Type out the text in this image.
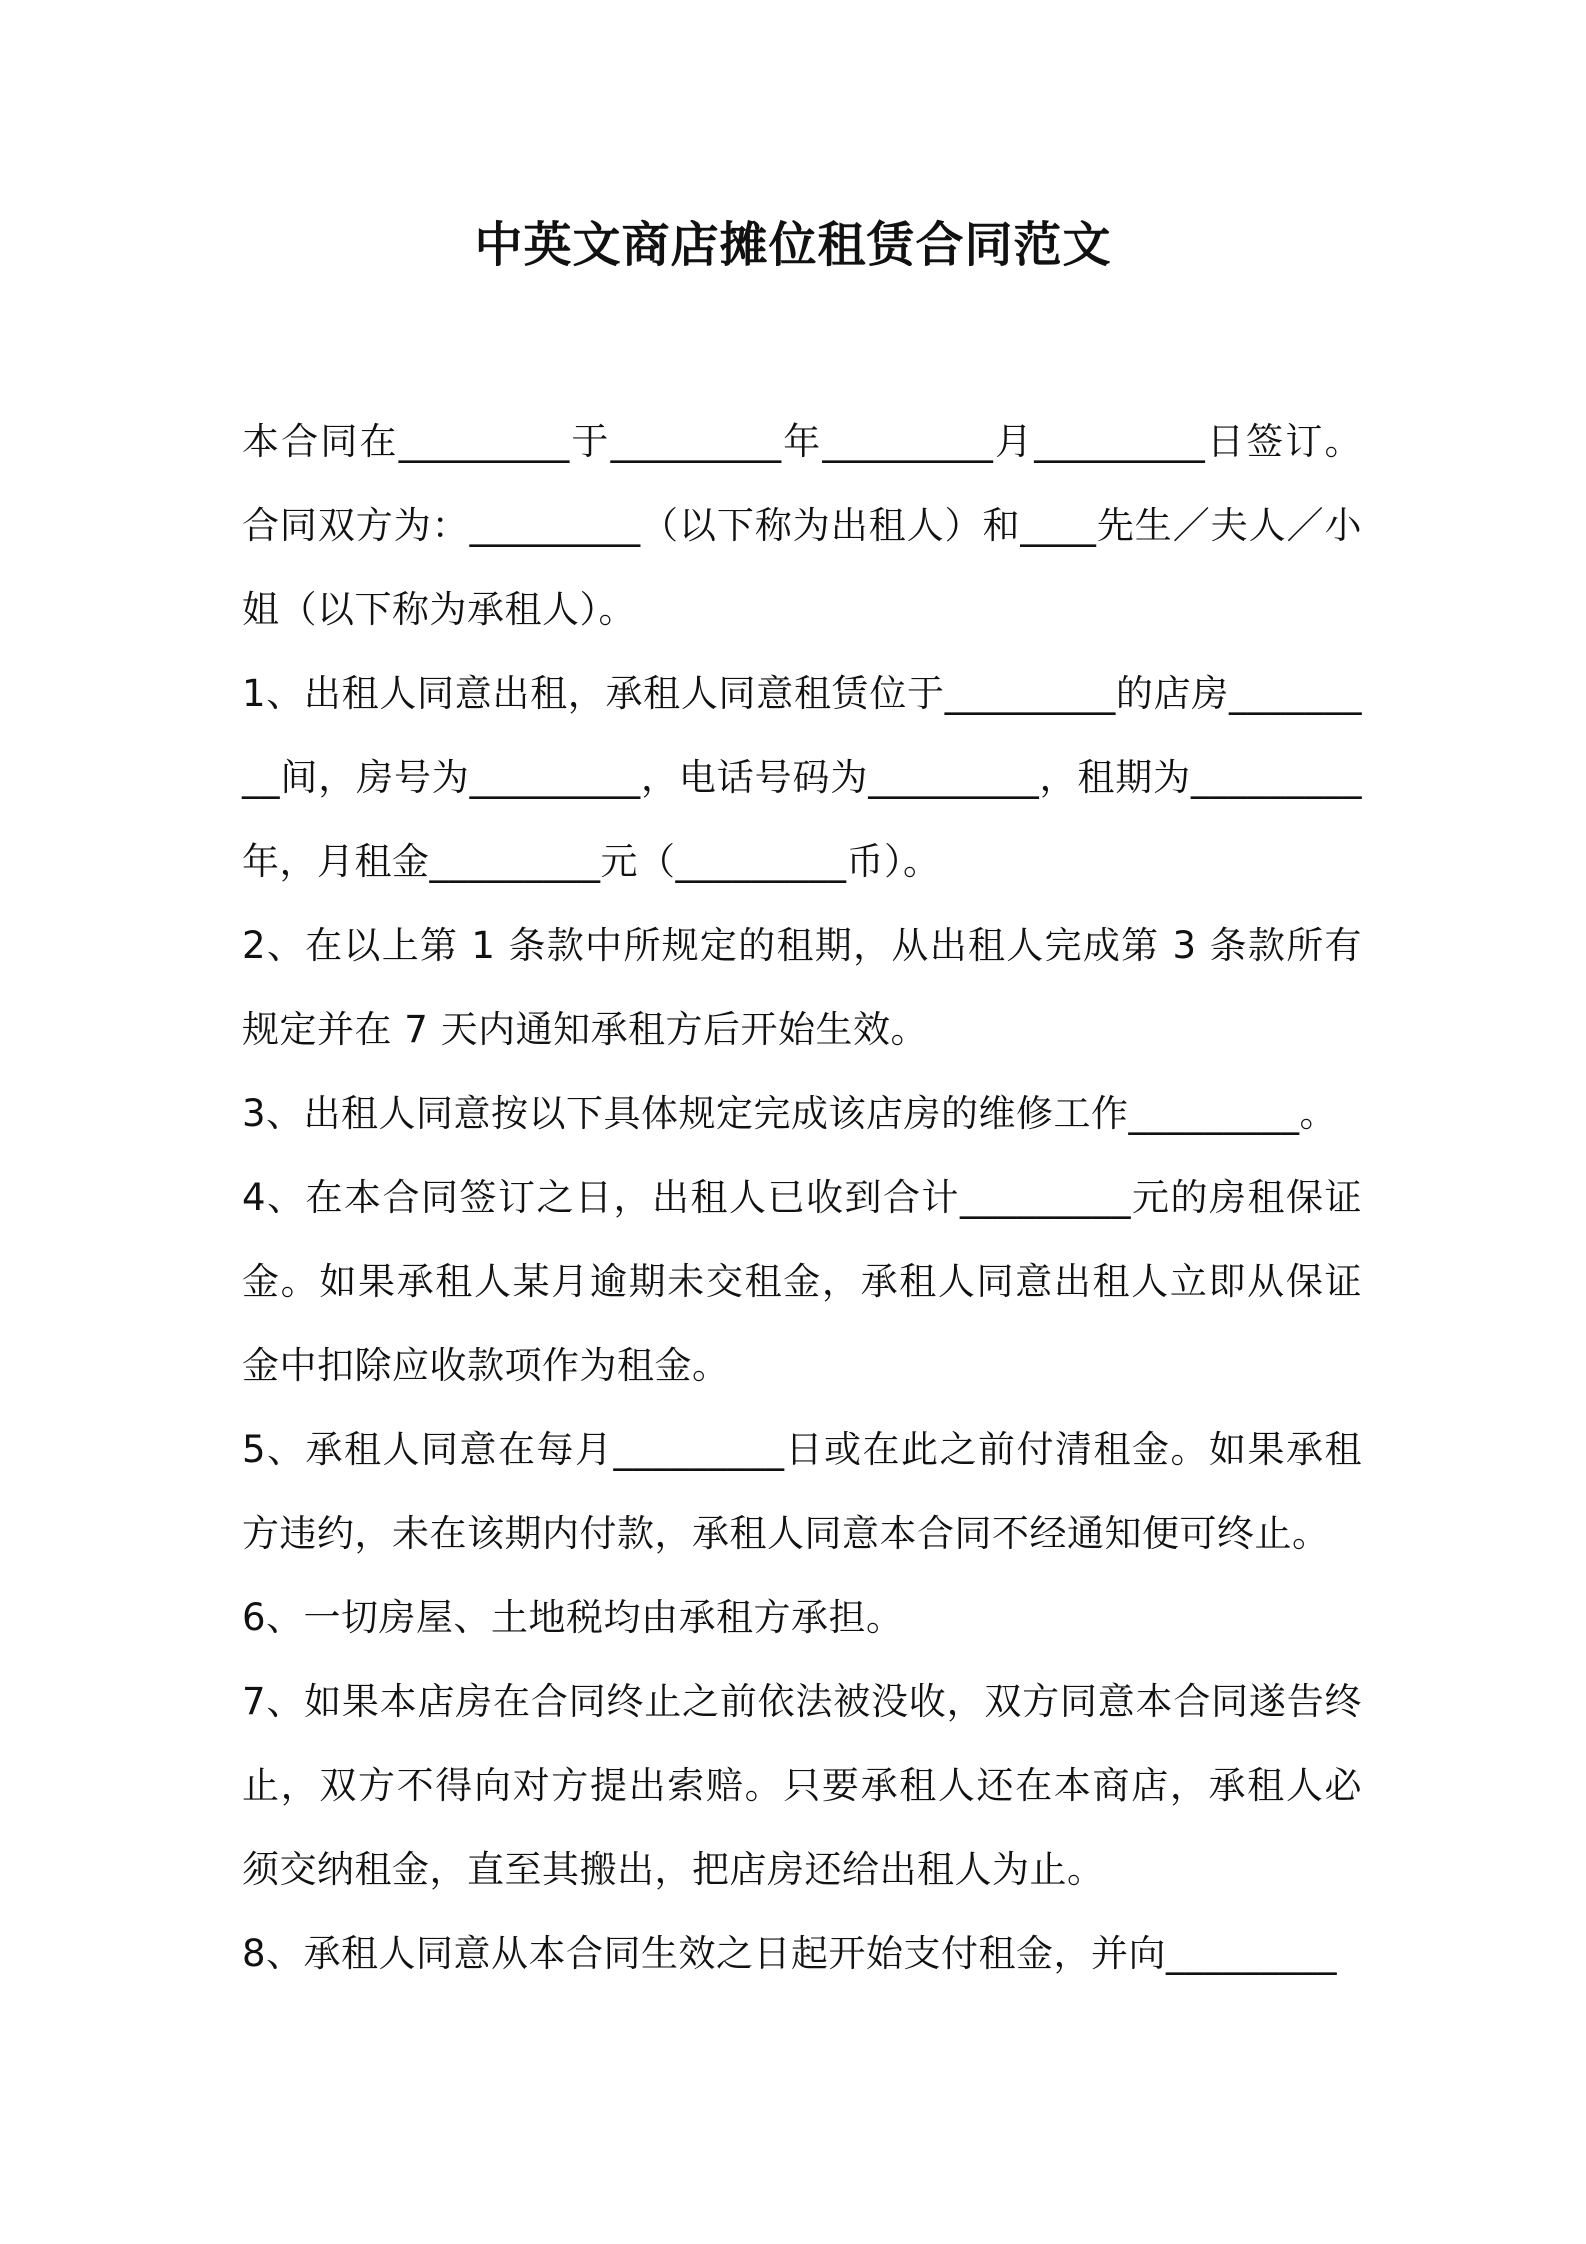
中英文商店摊位租赁合同范文

本合同在_________于_________年_________月_________日签订。合同双方为：_________（以下称为出租人）和____先生／夫人／小姐（以下称为承租人）。

1、出租人同意出租，承租人同意租赁位于_________的店房_________间，房号为_________，电话号码为_________，租期为_________年，月租金_________元（_________币）。

2、在以上第 1 条款中所规定的租期，从出租人完成第 3 条款所有规定并在 7 天内通知承租方后开始生效。

3、出租人同意按以下具体规定完成该店房的维修工作_________。

4、在本合同签订之日，出租人已收到合计_________元的房租保证金。如果承租人某月逾期未交租金，承租人同意出租人立即从保证金中扣除应收款项作为租金。

5、承租人同意在每月_________日或在此之前付清租金。如果承租方违约，未在该期内付款，承租人同意本合同不经通知便可终止。

6、一切房屋、土地税均由承租方承担。

7、如果本店房在合同终止之前依法被没收，双方同意本合同遂告终止，双方不得向对方提出索赔。只要承租人还在本商店，承租人必须交纳租金，直至其搬出，把店房还给出租人为止。

8、承租人同意从本合同生效之日起开始支付租金，并向_________
